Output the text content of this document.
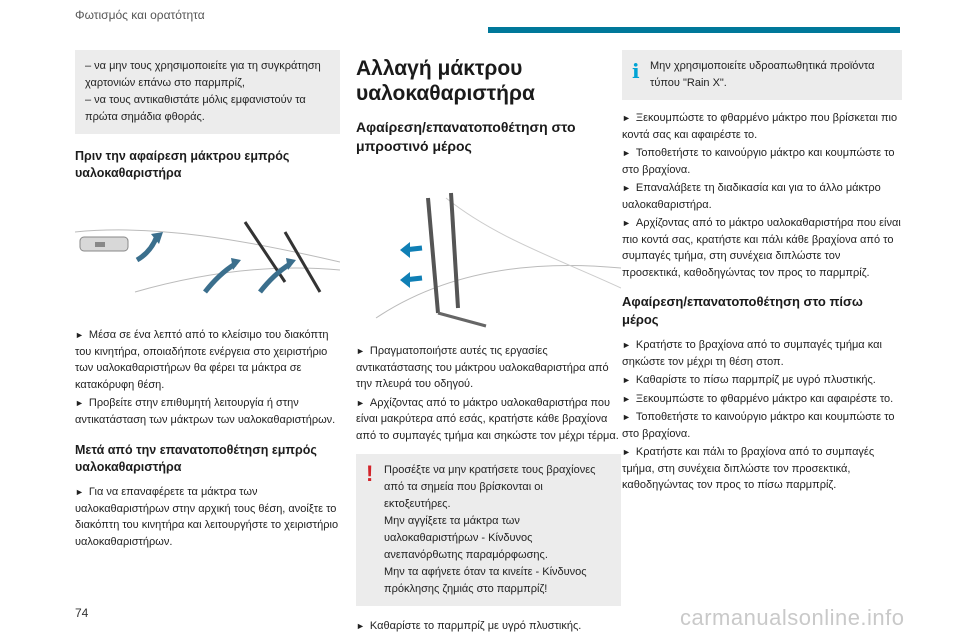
Φωτισμός και ορατότητα

– να μην τους χρησιμοποιείτε για τη συγκράτηση χαρτονιών επάνω στο παρμπρίζ,

– να τους αντικαθιστάτε μόλις εμφανιστούν τα πρώτα σημάδια φθοράς.

Πριν την αφαίρεση μάκτρου εμπρός υαλοκαθαριστήρα

► Μέσα σε ένα λεπτό από το κλείσιμο του διακόπτη του κινητήρα, οποιαδήποτε ενέργεια στο χειριστήριο των υαλοκαθαριστήρων θα φέρει τα μάκτρα σε κατακόρυφη θέση.

► Προβείτε στην επιθυμητή λειτουργία ή στην αντικατάσταση των μάκτρων των υαλοκαθαριστήρων.

Μετά από την επανατοποθέτηση εμπρός υαλοκαθαριστήρα

► Για να επαναφέρετε τα μάκτρα των υαλοκαθαριστήρων στην αρχική τους θέση, ανοίξτε το διακόπτη του κινητήρα και λειτουργήστε το χειριστήριο υαλοκαθαριστήρων.

Αλλαγή μάκτρου υαλοκαθαριστήρα
Αφαίρεση/επανατοποθέτηση στο μπροστινό μέρος

► Πραγματοποιήστε αυτές τις εργασίες αντικατάστασης του μάκτρου υαλοκαθαριστήρα από την πλευρά του οδηγού.

► Αρχίζοντας από το μάκτρο υαλοκαθαριστήρα που είναι μακρύτερα από εσάς, κρατήστε κάθε βραχίονα από το συμπαγές τμήμα και σηκώστε τον μέχρι τέρμα.

! Προσέξτε να μην κρατήσετε τους βραχίονες από τα σημεία που βρίσκονται οι εκτοξευτήρες.

Μην αγγίξετε τα μάκτρα των υαλοκαθαριστήρων - Κίνδυνος ανεπανόρθωτης παραμόρφωσης.

Μην τα αφήνετε όταν τα κινείτε - Κίνδυνος πρόκλησης ζημιάς στο παρμπρίζ!

► Καθαρίστε το παρμπρίζ με υγρό πλυστικής.

i Μην χρησιμοποιείτε υδροαπωθητικά προϊόντα τύπου "Rain X".

► Ξεκουμπώστε το φθαρμένο μάκτρο που βρίσκεται πιο κοντά σας και αφαιρέστε το.

► Τοποθετήστε το καινούργιο μάκτρο και κουμπώστε το στο βραχίονα.

► Επαναλάβετε τη διαδικασία και για το άλλο μάκτρο υαλοκαθαριστήρα.

► Αρχίζοντας από το μάκτρο υαλοκαθαριστήρα που είναι πιο κοντά σας, κρατήστε και πάλι κάθε βραχίονα από το συμπαγές τμήμα, στη συνέχεια διπλώστε τον προσεκτικά, καθοδηγώντας τον προς το παρμπρίζ.

Αφαίρεση/επανατοποθέτηση στο πίσω μέρος

► Κρατήστε το βραχίονα από το συμπαγές τμήμα και σηκώστε τον μέχρι τη θέση στοπ.

► Καθαρίστε το πίσω παρμπρίζ με υγρό πλυστικής.

► Ξεκουμπώστε το φθαρμένο μάκτρο και αφαιρέστε το.

► Τοποθετήστε το καινούργιο μάκτρο και κουμπώστε το στο βραχίονα.

► Κρατήστε και πάλι το βραχίονα από το συμπαγές τμήμα, στη συνέχεια διπλώστε τον προσεκτικά, καθοδηγώντας τον προς το πίσω παρμπρίζ.

74	carmanualsonline.info
